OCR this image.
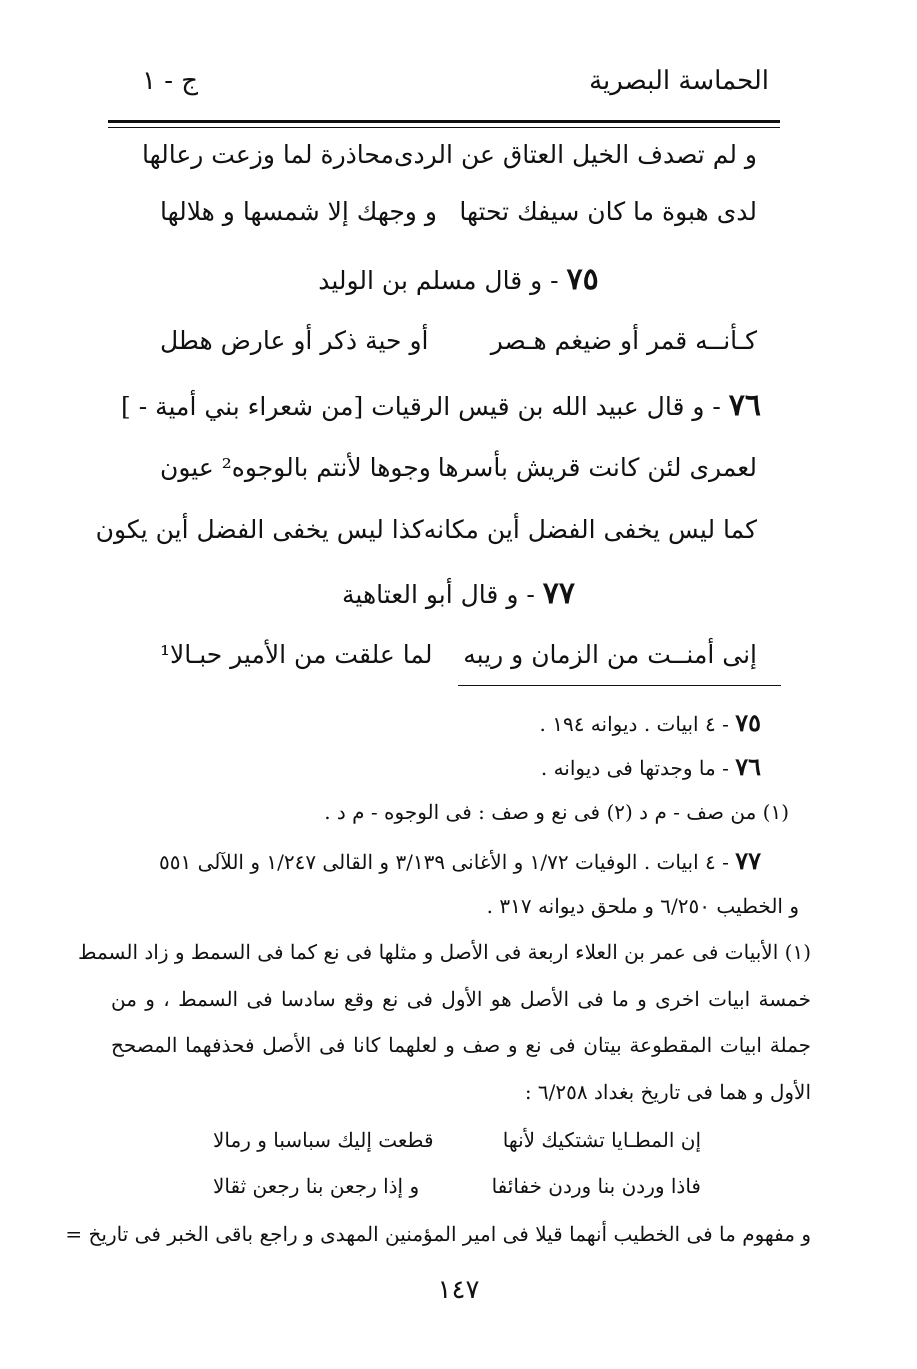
الحماسة البصرية
ج - ١
و لم تصدف الخيل العتاق عن الردى
محاذرة لما وزعت رعالها
لدى هبوة ما كان سيفك تحتها
و وجهك إلا شمسها و هلالها
٧٥ - و قال مسلم بن الوليد
كـأنــه قمر أو ضيغم هـصر
أو حية ذكر أو عارض هطل
٧٦ - و قال عبيد الله بن قيس الرقيات [من شعراء بني أمية - ]
لعمرى لئن كانت قريش بأسرها
وجوها لأنتم بالوجوه² عيون
كما ليس يخفى الفضل أين مكانه
كذا ليس يخفى الفضل أين يكون
٧٧ - و قال أبو العتاهية
إنى أمنــت من الزمان و ريبه
لما علقت من الأمير حبـالا¹
٧٥ - ٤ ابيات . ديوانه ١٩٤ .
٧٦ - ما وجدتها فى ديوانه .
(١) من صف - م د (٢) فى نع و صف : فى الوجوه - م د .
٧٧ - ٤ ابيات . الوفيات ١/٧٢ و الأغانى ٣/١٣٩ و القالى ١/٢٤٧ و اللآلى ٥٥١
و الخطيب ٦/٢٥٠ و ملحق ديوانه ٣١٧ .
(١) الأبيات فى عمر بن العلاء اربعة فى الأصل و مثلها فى نع كما فى السمط و زاد السمط
خمسة ابيات اخرى و ما فى الأصل هو الأول فى نع وقع سادسا فى السمط ، و من
جملة ابيات المقطوعة بيتان فى نع و صف و لعلهما كانا فى الأصل فحذفهما المصحح
الأول و هما فى تاريخ بغداد ٦/٢٥٨ :
إن المطـايا تشتكيك لأنها
قطعت إليك سباسبا و رمالا
فاذا وردن بنا وردن خفائفا
و إذا رجعن بنا رجعن ثقالا
و مفهوم ما فى الخطيب أنهما قيلا فى امير المؤمنين المهدى و راجع باقى الخبر فى تاريخ =
١٤٧
